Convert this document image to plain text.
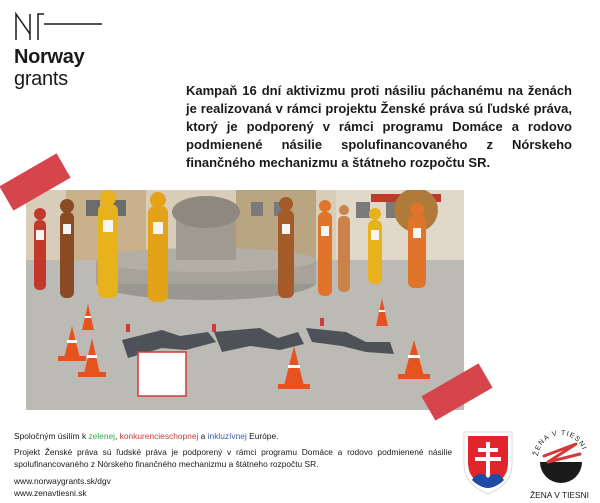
Norway
grants
Kampaň 16 dní aktivizmu proti násiliu páchanému na ženách je realizovaná v rámci projektu Ženské práva sú ľudské práva, ktorý je podporený v rámci programu Domáce a rodovo podmienené násilie spolufinancovaného z Nórskeho finančného mechanizmu a štátneho rozpočtu SR.
Spoločným úsilím k zelenej, konkurencieschopnej a inkluzívnej Európe.
Projekt Ženské práva sú ľudské práva je podporený v rámci programu Domáce a rodovo podmienené násilie spolufinancovaného z Nórskeho finančného mechanizmu a štátneho rozpočtu SR.
www.norwaygrants.sk/dgv
www.zenavtiesni.sk
ŽENA V TIESNI
ŽENA V TIESNI
